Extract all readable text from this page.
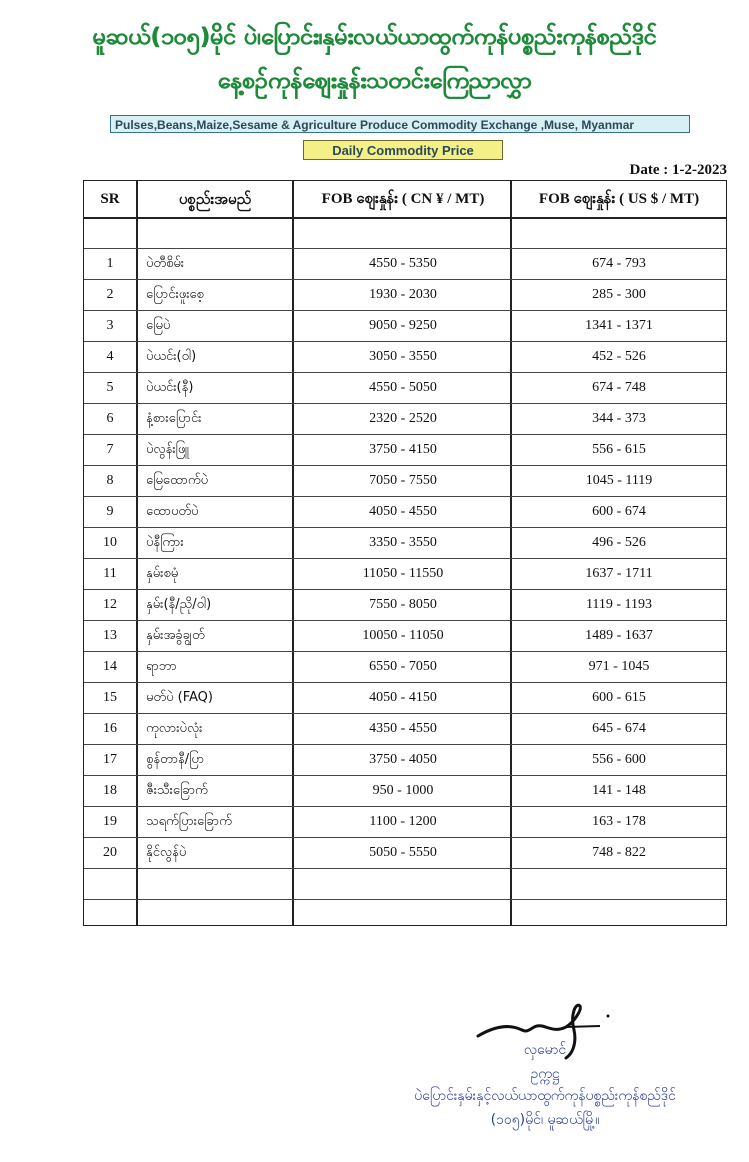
မူဆယ်(၁၀၅)မိုင် ပဲ၊ပြောင်း၊နှမ်းလယ်ယာထွက်ကုန်ပစ္စည်းကုန်စည်ဒိုင်
နေ့စဉ်ကုန်ဈေးနှုန်းသတင်းကြေညာလွှာ
Pulses,Beans,Maize,Sesame & Agriculture Produce Commodity Exchange ,Muse, Myanmar
Daily Commodity Price
Date : 1-2-2023
SR	ပစ္စည်းအမည်	FOB ဈေးနှုန်း ( CN ¥ / MT)	FOB ဈေးနှုန်း ( US $ / MT)
1	ပဲတီစိမ်း	4550 - 5350	674 - 793
2	ပြောင်းဖူးစေ့	1930 - 2030	285 - 300
3	မြေပဲ	9050 - 9250	1341 - 1371
4	ပဲယင်း(ဝါ)	3050 - 3550	452 - 526
5	ပဲယင်း(နီ)	4550 - 5050	674 - 748
6	နံ့စားပြောင်း	2320 - 2520	344 - 373
7	ပဲလွန်းဖြူ	3750 - 4150	556 - 615
8	မြေထောက်ပဲ	7050 - 7550	1045 - 1119
9	ထောပတ်ပဲ	4050 - 4550	600 - 674
10	ပဲနီကြား	3350 - 3550	496 - 526
11	နှမ်းစမုံ	11050 - 11550	1637 - 1711
12	နှမ်း(နီ/ညို/ဝါ)	7550 - 8050	1119 - 1193
13	နှမ်းအခွံချွတ်	10050 - 11050	1489 - 1637
14	ရာဘာ	6550 - 7050	971 - 1045
15	မတ်ပဲ (FAQ)	4050 - 4150	600 - 615
16	ကုလားပဲလုံး	4350 - 4550	645 - 674
17	စွန်တာနီ/ပြာ	3750 - 4050	556 - 600
18	ဇီးသီးခြောက်	950 - 1000	141 - 148
19	သရက်ပြားခြောက်	1100 - 1200	163 - 178
20	နိုင်လွန်ပဲ	5050 - 5550	748 - 822
လှမောင်
ဥက္ကဋ္ဌ
ပဲပြောင်းနှမ်းနှင့်လယ်ယာထွက်ကုန်ပစ္စည်းကုန်စည်ဒိုင်
(၁၀၅)မိုင်၊ မူဆယ်မြို့။
